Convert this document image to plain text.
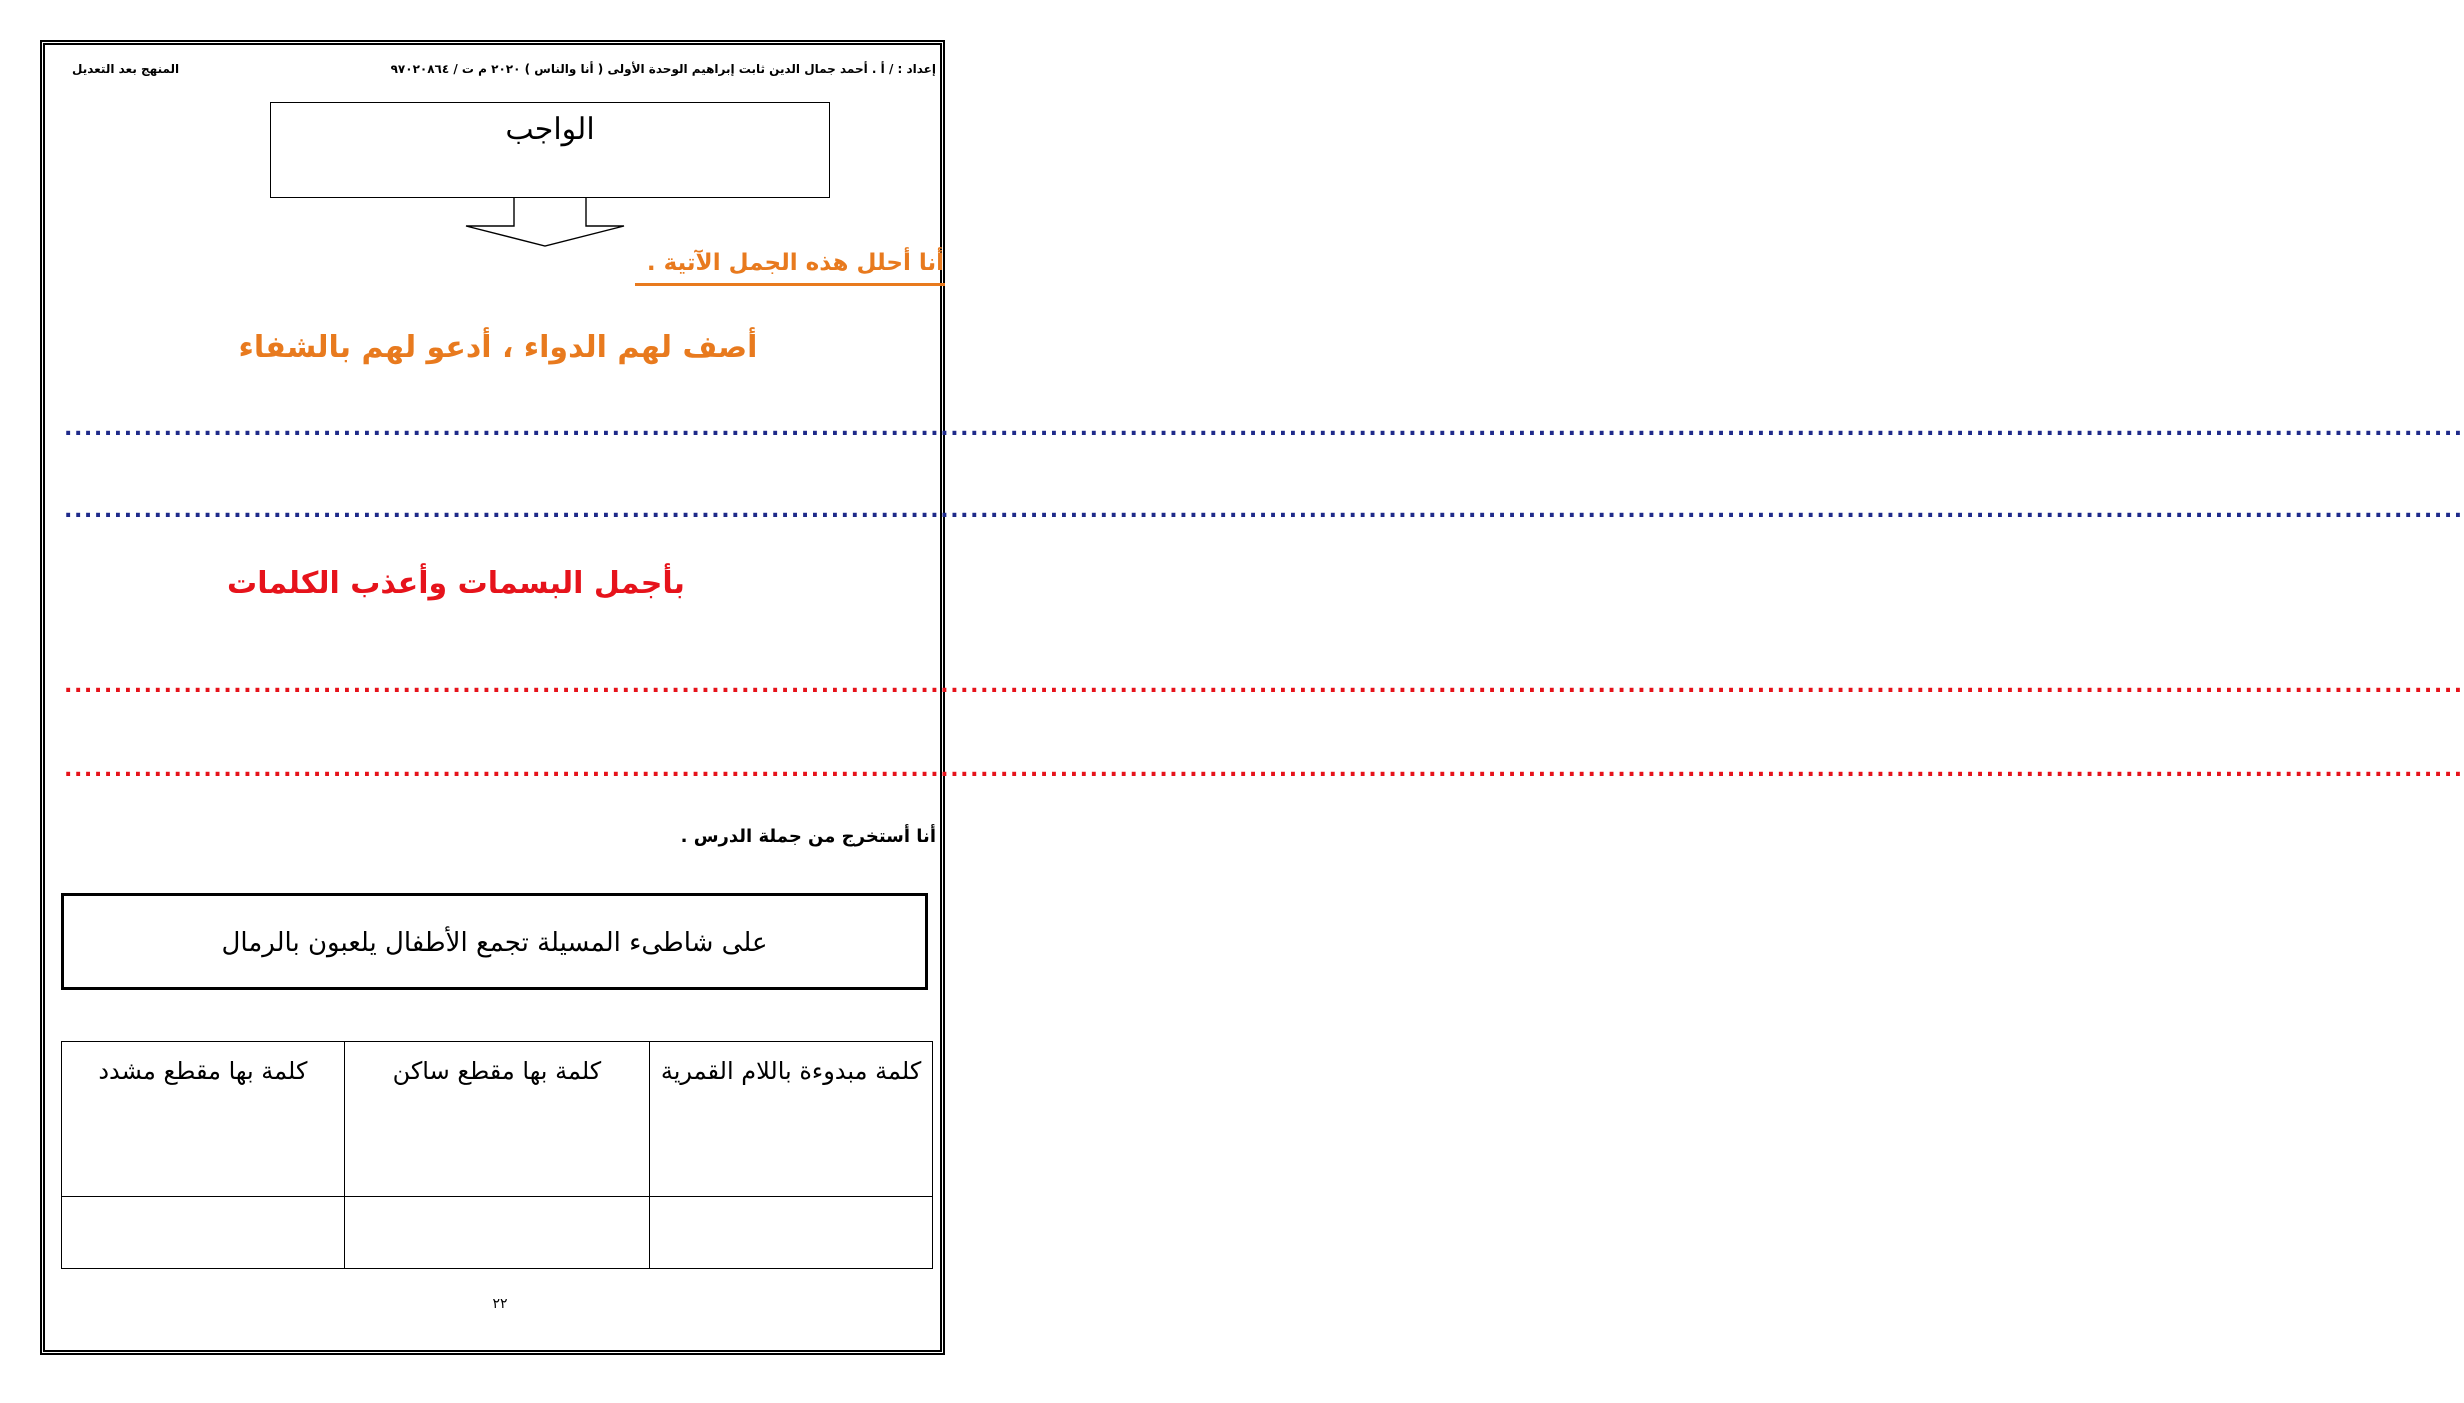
إعداد : / أ . أحمد جمال الدين ثابت إبراهيم الوحدة الأولى ( أنا والناس ) ٢٠٢٠ م ت / ٩٧٠٢٠٨٦٤
المنهج بعد التعديل
الواجب
أنا أحلل هذه الجمل الآتية .
أصف لهم الدواء ، أدعو لهم بالشفاء
.................................................................................................................................................................................................................................................
.................................................................................................................................................................................................................................................
بأجمل البسمات وأعذب الكلمات
.................................................................................................................................................................................................................................................
.................................................................................................................................................................................................................................................
أنا أستخرج من جملة الدرس .
على شاطىء المسيلة تجمع الأطفال يلعبون بالرمال
كلمة مبدوءة باللام القمرية	كلمة بها مقطع ساكن	كلمة بها مقطع مشدد

٢٢
